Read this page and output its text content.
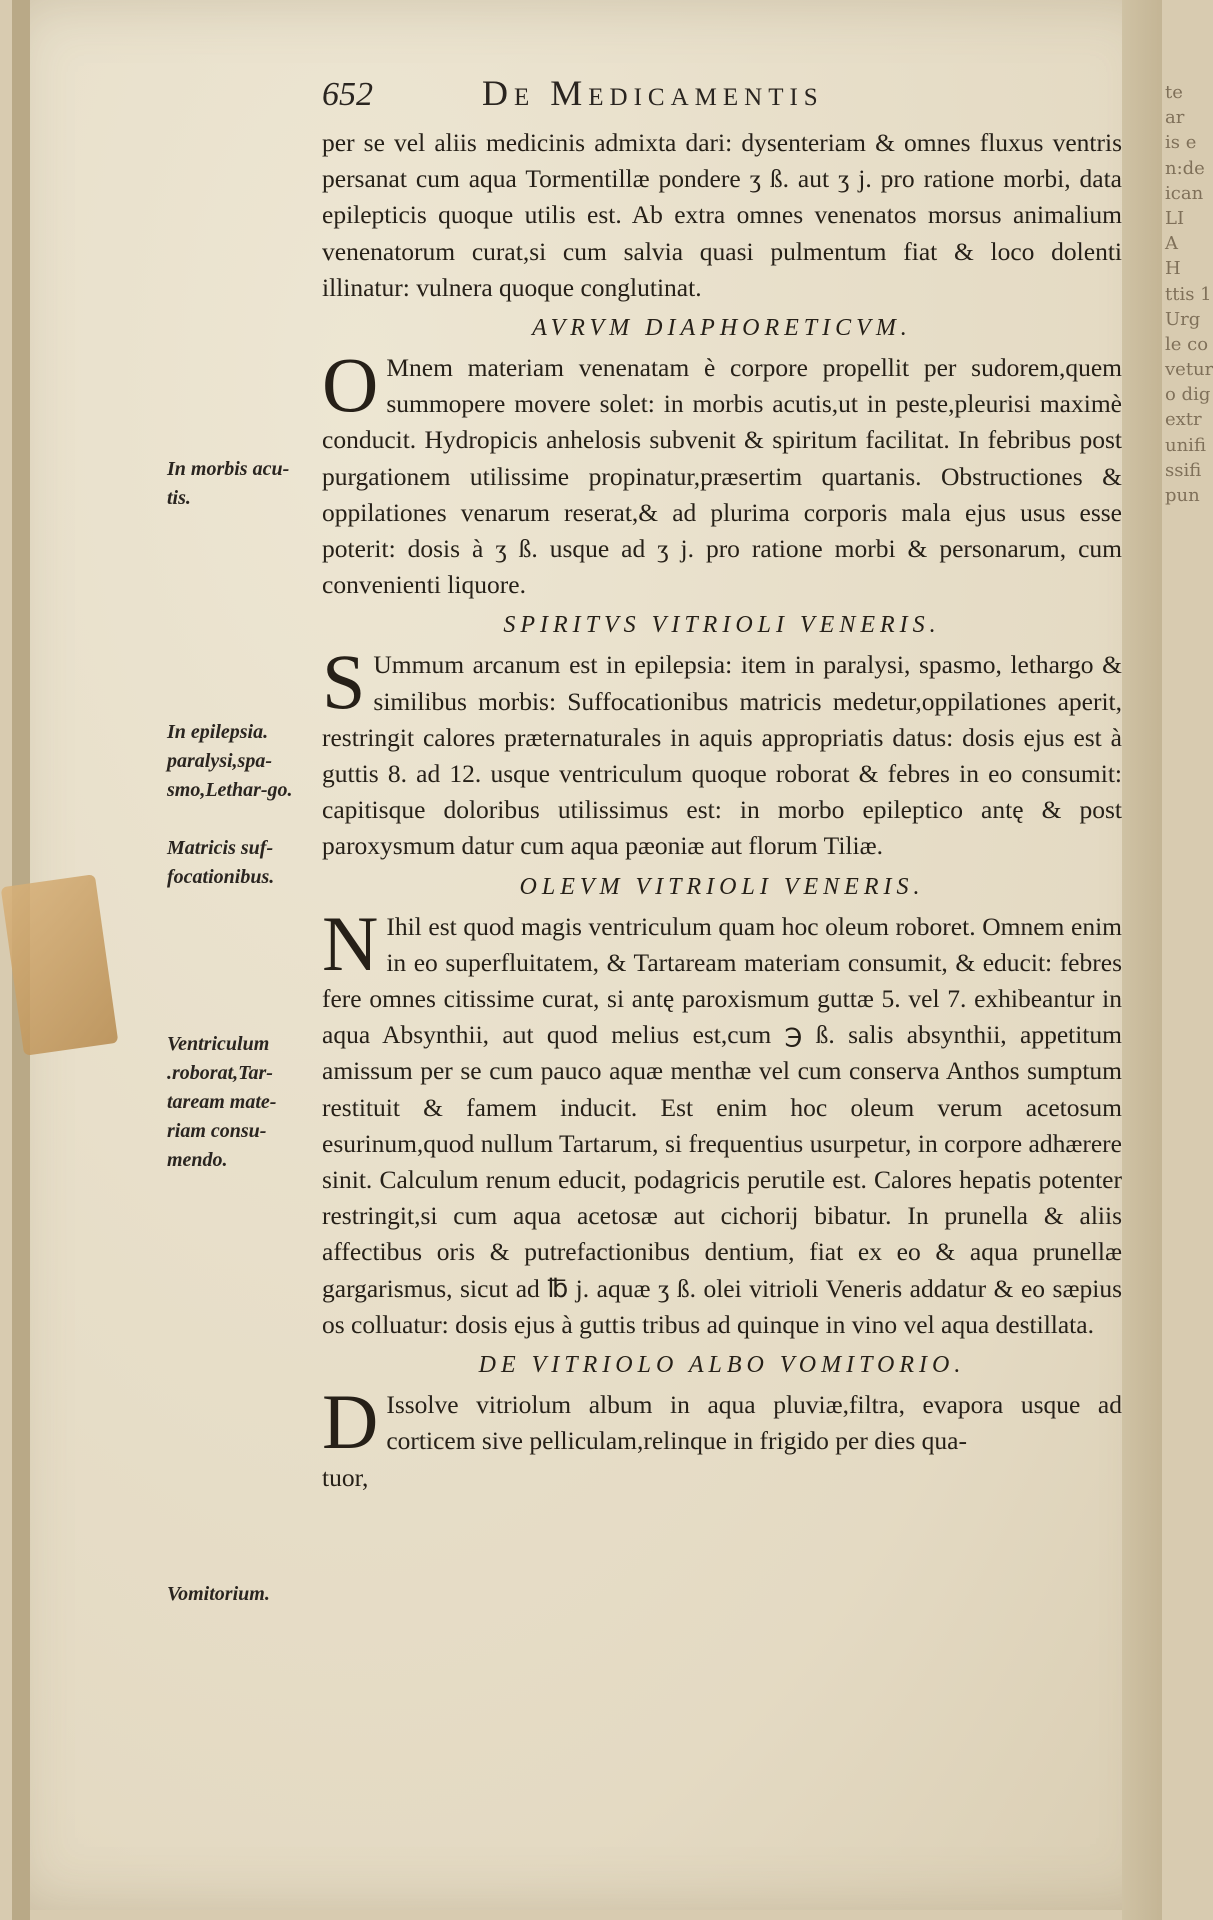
652	De Medicamentis

per se vel aliis medicinis admixta dari: dysenteriam & omnes fluxus ventris persanat cum aqua Tormentillæ pondere ʒ ß. aut ʒ j. pro ratione morbi, data epilepticis quoque utilis est. Ab extra omnes venenatos morsus animalium venenatorum curat,si cum salvia quasi pulmentum fiat & loco dolenti illinatur: vulnera quoque conglutinat.

AVRVM DIAPHORETICVM.

O Mnem materiam venenatam è corpore propellit per sudorem,quem summopere movere solet: in morbis acutis,ut in peste,pleurisi maximè conducit. Hydropicis anhelosis subvenit & spiritum facilitat. In febribus post purgationem utilissime propinatur,præsertim quartanis. Obstructiones & oppilationes venarum reserat,& ad plurima corporis mala ejus usus esse poterit: dosis à ʒ ß. usque ad ʒ j. pro ratione morbi & personarum, cum convenienti liquore.

SPIRITVS VITRIOLI VENERIS.

S Ummum arcanum est in epilepsia: item in paralysi, spasmo, lethargo & similibus morbis: Suffocationibus matricis medetur,oppilationes aperit, restringit calores præternaturales in aquis appropriatis datus: dosis ejus est à guttis 8. ad 12. usque ventriculum quoque roborat & febres in eo consumit: capitisque doloribus utilissimus est: in morbo epileptico antę & post paroxysmum datur cum aqua pæoniæ aut florum Tiliæ.

OLEVM VITRIOLI VENERIS.

N Ihil est quod magis ventriculum quam hoc oleum roboret. Omnem enim in eo superfluitatem, & Tartaream materiam consumit, & educit: febres fere omnes citissime curat, si antę paroxismum guttæ 5. vel 7. exhibeantur in aqua Absynthii, aut quod melius est,cum ℈ ß. salis absynthii, appetitum amissum per se cum pauco aquæ menthæ vel cum conserva Anthos sumptum restituit & famem inducit. Est enim hoc oleum verum acetosum esurinum,quod nullum Tartarum, si frequentius usurpetur, in corpore adhærere sinit. Calculum renum educit, podagricis perutile est. Calores hepatis potenter restringit,si cum aqua acetosæ aut cichorij bibatur. In prunella & aliis affectibus oris & putrefactionibus dentium, fiat ex eo & aqua prunellæ gargarismus, sicut ad ℔ j. aquæ ʒ ß. olei vitrioli Veneris addatur & eo sæpius os colluatur: dosis ejus à guttis tribus ad quinque in vino vel aqua destillata.

DE VITRIOLO ALBO VOMITORIO.

D Issolve vitriolum album in aqua pluviæ,filtra, evapora usque ad corticem sive pelliculam,relinque in frigido per dies qua-

tuor,

In morbis acu-tis.
In epilepsia. paralysi,spa-smo,Lethar-go.
Matricis suf-focationibus.
Ventriculum .roborat,Tar-tarеam mate-riam consu-mendo.
Vomitorium.
te
ar
is e
n:de
ican
LI
A
H
ttis 1
Urg
le co
vetur
o dig
extr
unifi
ssifi
pun
